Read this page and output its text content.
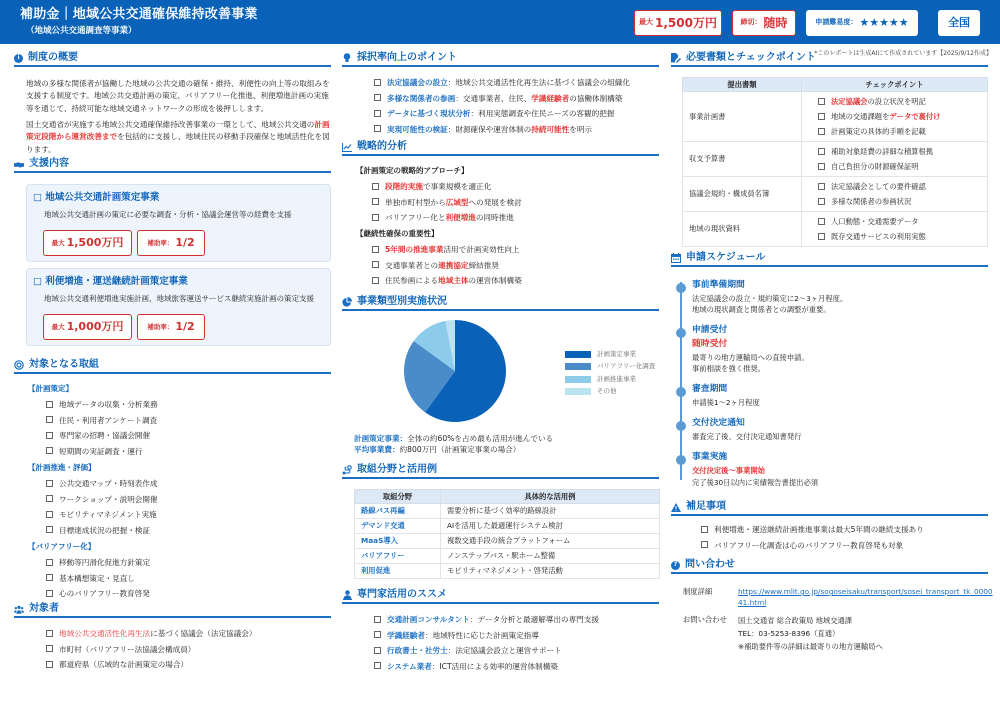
補助金｜地域公共交通確保維持改善事業
（地域公共交通調査等事業）
最大 1,500万円	締切： 随時	申請難易度： ★★★★★	全国
*このレポートは生成AIにて作成されています【2025/9/12作成】
i 制度の概要
地域の多様な関係者が協働した地域の公共交通の確保・維持、利便性の向上等の取組みを支援する制度です。地域公共交通計画の策定、バリアフリー化推進、利便増進計画の実施等を通じて、持続可能な地域交通ネットワークの形成を後押しします。
国土交通省が実施する地域公共交通確保維持改善事業の一環として、地域公共交通の計画策定段階から運営改善までを包括的に支援し、地域住民の移動手段確保と地域活性化を図ります。
支援内容
□ 地域公共交通計画策定事業
地域公共交通計画の策定に必要な調査・分析・協議会運営等の経費を支援
最大 1,500万円	補助率： 1/2
□ 利便増進・運送継続計画策定事業
地域公共交通利便増進実施計画、地域旅客運送サービス継続実施計画の策定支援
最大 1,000万円	補助率： 1/2
対象となる取組
【計画策定】
地域データの収集・分析業務
住民・利用者アンケート調査
専門家の招聘・協議会開催
短期間の実証調査・運行
【計画推進・評価】
公共交通マップ・時刻表作成
ワークショップ・説明会開催
モビリティマネジメント実施
目標達成状況の把握・検証
【バリアフリー化】
移動等円滑化促進方針策定
基本構想策定・見直し
心のバリアフリー教育啓発
対象者
地域公共交通活性化再生法に基づく協議会（法定協議会）
市町村（バリアフリー法協議会構成員）
都道府県（広域的な計画策定の場合）
採択率向上のポイント
法定協議会の設立：地域公共交通活性化再生法に基づく協議会の組織化
多様な関係者の参画：交通事業者、住民、学識経験者の協働体制構築
データに基づく現状分析：利用実態調査や住民ニーズの客観的把握
実現可能性の検証：財源確保や運営体制の持続可能性を明示
戦略的分析
【計画策定の戦略的アプローチ】
段階的実施で事業規模を適正化
単独市町村型から広域型への発展を検討
バリアフリー化と利便増進の同時推進
【継続性確保の重要性】
5年間の推進事業活用で計画実効性向上
交通事業者との連携協定締結推奨
住民参画による地域主体の運営体制構築
事業類型別実施状況
計画策定事業
バリアフリー化調査
計画推進事業
その他
計画策定事業：全体の約60%を占め最も活用が進んでいる
平均事業費：約800万円（計画策定事業の場合）
取組分野と活用例
取組分野	具体的な活用例
路線バス再編	需要分析に基づく効率的路線設計
デマンド交通	AIを活用した最適運行システム検討
MaaS導入	複数交通手段の統合プラットフォーム
バリアフリー	ノンステップバス・駅ホーム整備
利用促進	モビリティマネジメント・啓発活動
専門家活用のススメ
交通計画コンサルタント：データ分析と最適解導出の専門支援
学識経験者：地域特性に応じた計画策定指導
行政書士・社労士：法定協議会設立と運営サポート
システム業者：ICT活用による効率的運営体制構築
必要書類とチェックポイント
提出書類	チェックポイント
事業計画書	法定協議会の設立状況を明記
地域の交通課題をデータで裏付け
計画策定の具体的手順を記載

収支予算書	補助対象経費の詳細な積算根拠
自己負担分の財源確保証明

協議会規約・構成員名簿	法定協議会としての要件確認
多様な関係者の参画状況

地域の現状資料	人口動態・交通需要データ
既存交通サービスの利用実態
申請スケジュール
事前準備期間
法定協議会の設立・規約策定に2〜3ヶ月程度。
地域の現状調査と関係者との調整が重要。
申請受付
随時受付
最寄りの地方運輸局への直接申請。
事前相談を強く推奨。
審査期間
申請後1〜2ヶ月程度
交付決定通知
審査完了後、交付決定通知書発行
事業実施
交付決定後〜事業開始
完了後30日以内に実績報告書提出必須
補足事項
利便増進・運送継続計画推進事業は最大5年間の継続支援あり
バリアフリー化調査は心のバリアフリー教育啓発も対象
? 問い合わせ
制度詳細	https://www.mlit.go.jp/sogoseisaku/transport/sosei_transport_tk_0000
41.html
お問い合わせ 国土交通省 総合政策局 地域交通課
TEL：03-5253-8396（直通）
※補助要件等の詳細は最寄りの地方運輸局へ
